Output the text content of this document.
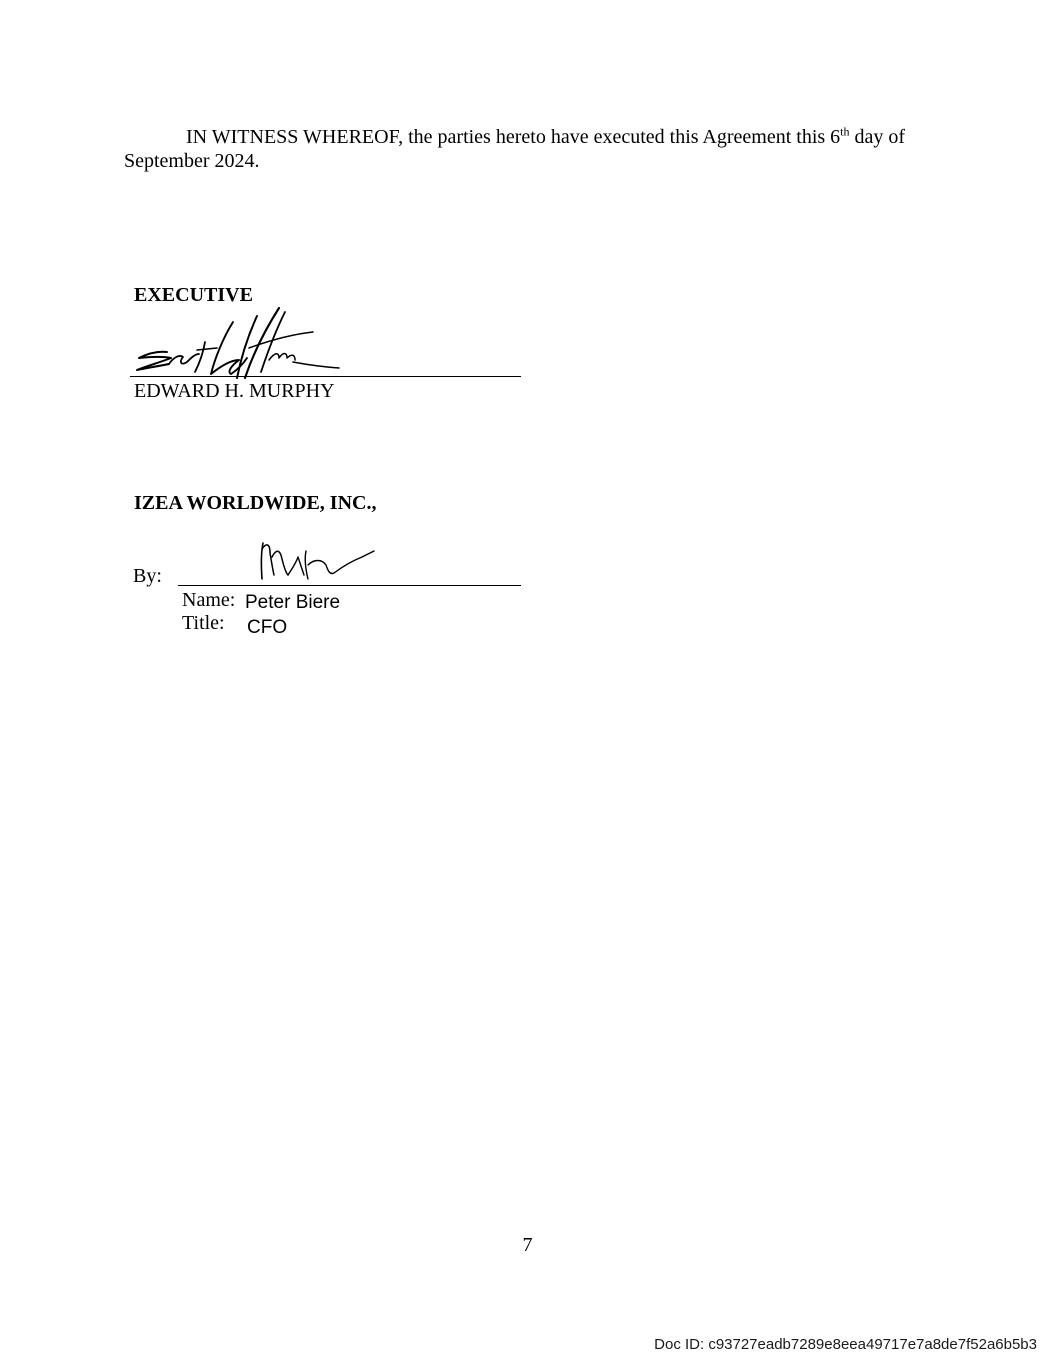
IN WITNESS WHEREOF, the parties hereto have executed this Agreement this 6th day of
September 2024.
EXECUTIVE
EDWARD H. MURPHY
IZEA WORLDWIDE, INC.,
By:
Name: Peter Biere
Title: CFO
7
Doc ID: c93727eadb7289e8eea49717e7a8de7f52a6b5b3
